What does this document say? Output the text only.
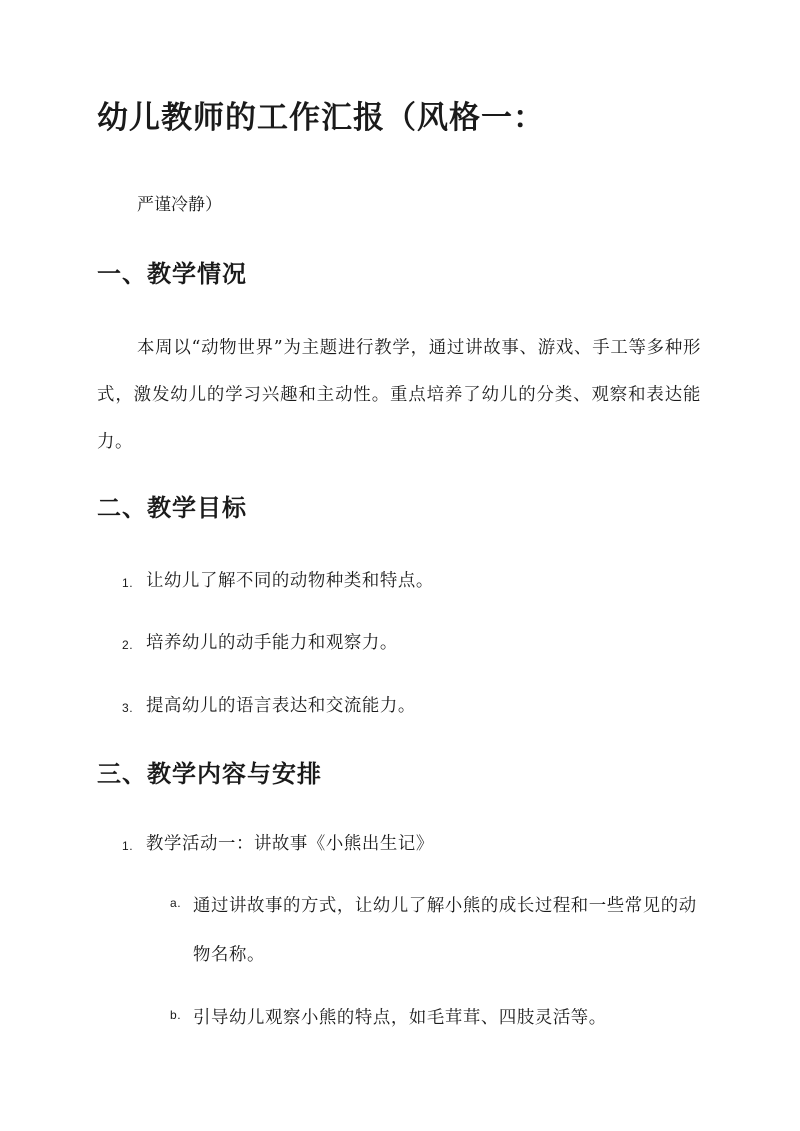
幼儿教师的工作汇报（风格一：
严谨冷静）
一、教学情况
本周以“动物世界”为主题进行教学，通过讲故事、游戏、手工等多种形式，激发幼儿的学习兴趣和主动性。重点培养了幼儿的分类、观察和表达能力。
二、教学目标
1. 让幼儿了解不同的动物种类和特点。
2. 培养幼儿的动手能力和观察力。
3. 提高幼儿的语言表达和交流能力。
三、教学内容与安排
1. 教学活动一：讲故事《小熊出生记》
a. 通过讲故事的方式，让幼儿了解小熊的成长过程和一些常见的动物名称。
b. 引导幼儿观察小熊的特点，如毛茸茸、四肢灵活等。
